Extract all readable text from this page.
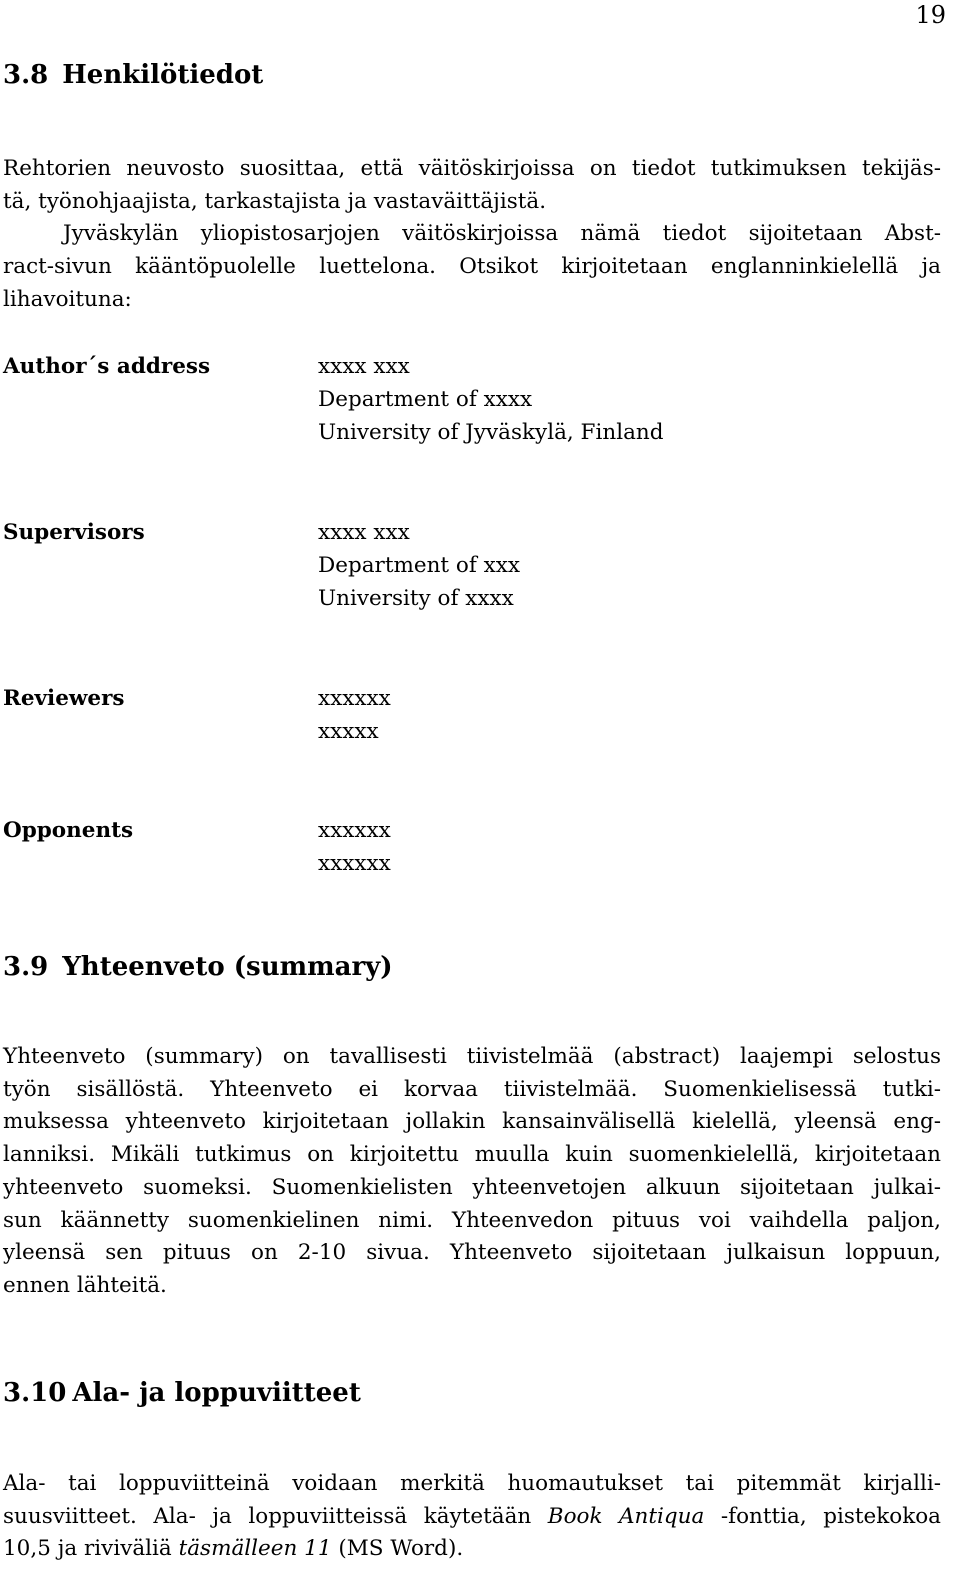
19
3.8 Henkilötiedot
Rehtorien neuvosto suosittaa, että väitöskirjoissa on tiedot tutkimuksen tekijäs-
tä, työnohjaajista, tarkastajista ja vastaväittäjistä.
Jyväskylän yliopistosarjojen väitöskirjoissa nämä tiedot sijoitetaan Abst-
ract-sivun kääntöpuolelle luettelona. Otsikot kirjoitetaan englanninkielellä ja
lihavoituna:
Author´s address	xxxx xxx
Department of xxxx
University of Jyväskylä, Finland
Supervisors	xxxx xxx
Department of xxx
University of xxxx
Reviewers	xxxxxx
xxxxx
Opponents	xxxxxx
xxxxxx
3.9 Yhteenveto (summary)
Yhteenveto (summary) on tavallisesti tiivistelmää (abstract) laajempi selostus
työn sisällöstä. Yhteenveto ei korvaa tiivistelmää. Suomenkielisessä tutki-
muksessa yhteenveto kirjoitetaan jollakin kansainvälisellä kielellä, yleensä eng-
lanniksi. Mikäli tutkimus on kirjoitettu muulla kuin suomenkielellä, kirjoitetaan
yhteenveto suomeksi. Suomenkielisten yhteenvetojen alkuun sijoitetaan julkai-
sun käännetty suomenkielinen nimi. Yhteenvedon pituus voi vaihdella paljon,
yleensä sen pituus on 2-10 sivua. Yhteenveto sijoitetaan julkaisun loppuun,
ennen lähteitä.
3.10 Ala- ja loppuviitteet
Ala- tai loppuviitteinä voidaan merkitä huomautukset tai pitemmät kirjalli-
suusviitteet. Ala- ja loppuviitteissä käytetään Book Antiqua -fonttia, pistekokoa
10,5 ja riviväliä täsmälleen 11 (MS Word).
